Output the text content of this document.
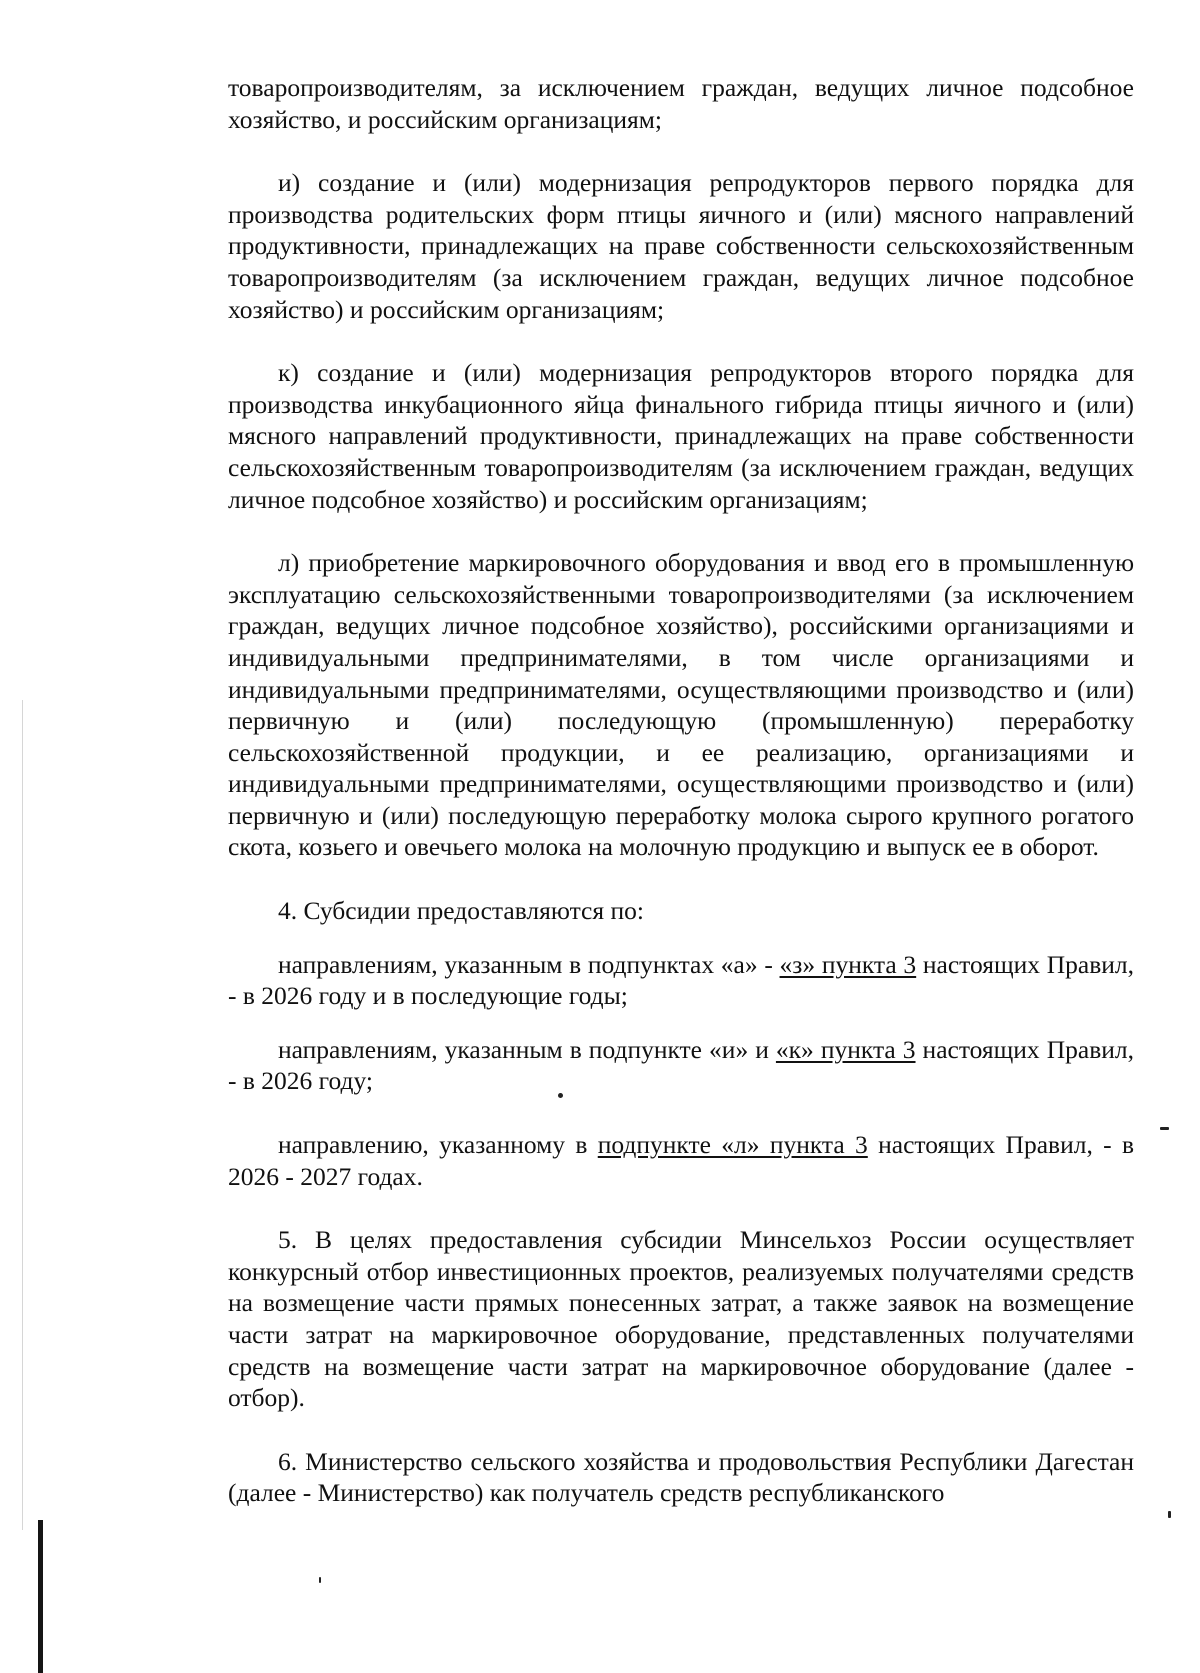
товаропроизводителям, за исключением граждан, ведущих личное подсобное хозяйство, и российским организациям;

и) создание и (или) модернизация репродукторов первого порядка для производства родительских форм птицы яичного и (или) мясного направлений продуктивности, принадлежащих на праве собственности сельскохозяйственным товаропроизводителям (за исключением граждан, ведущих личное подсобное хозяйство) и российским организациям;

к) создание и (или) модернизация репродукторов второго порядка для производства инкубационного яйца финального гибрида птицы яичного и (или) мясного направлений продуктивности, принадлежащих на праве собственности сельскохозяйственным товаропроизводителям (за исключением граждан, ведущих личное подсобное хозяйство) и российским организациям;

л) приобретение маркировочного оборудования и ввод его в промышленную эксплуатацию сельскохозяйственными товаропроизводителями (за исключением граждан, ведущих личное подсобное хозяйство), российскими организациями и индивидуальными предпринимателями, в том числе организациями и индивидуальными предпринимателями, осуществляющими производство и (или) первичную и (или) последующую (промышленную) переработку сельскохозяйственной продукции, и ее реализацию, организациями и индивидуальными предпринимателями, осуществляющими производство и (или) первичную и (или) последующую переработку молока сырого крупного рогатого скота, козьего и овечьего молока на молочную продукцию и выпуск ее в оборот.

4. Субсидии предоставляются по:

направлениям, указанным в подпунктах «а» - «з» пункта 3 настоящих Правил, - в 2026 году и в последующие годы;

направлениям, указанным в подпункте «и» и «к» пункта 3 настоящих Правил, - в 2026 году;

направлению, указанному в подпункте «л» пункта 3 настоящих Правил, - в 2026 - 2027 годах.

5. В целях предоставления субсидии Минсельхоз России осуществляет конкурсный отбор инвестиционных проектов, реализуемых получателями средств на возмещение части прямых понесенных затрат, а также заявок на возмещение части затрат на маркировочное оборудование, представленных получателями средств на возмещение части затрат на маркировочное оборудование (далее - отбор).

6. Министерство сельского хозяйства и продовольствия Республики Дагестан (далее - Министерство) как получатель средств республиканского
